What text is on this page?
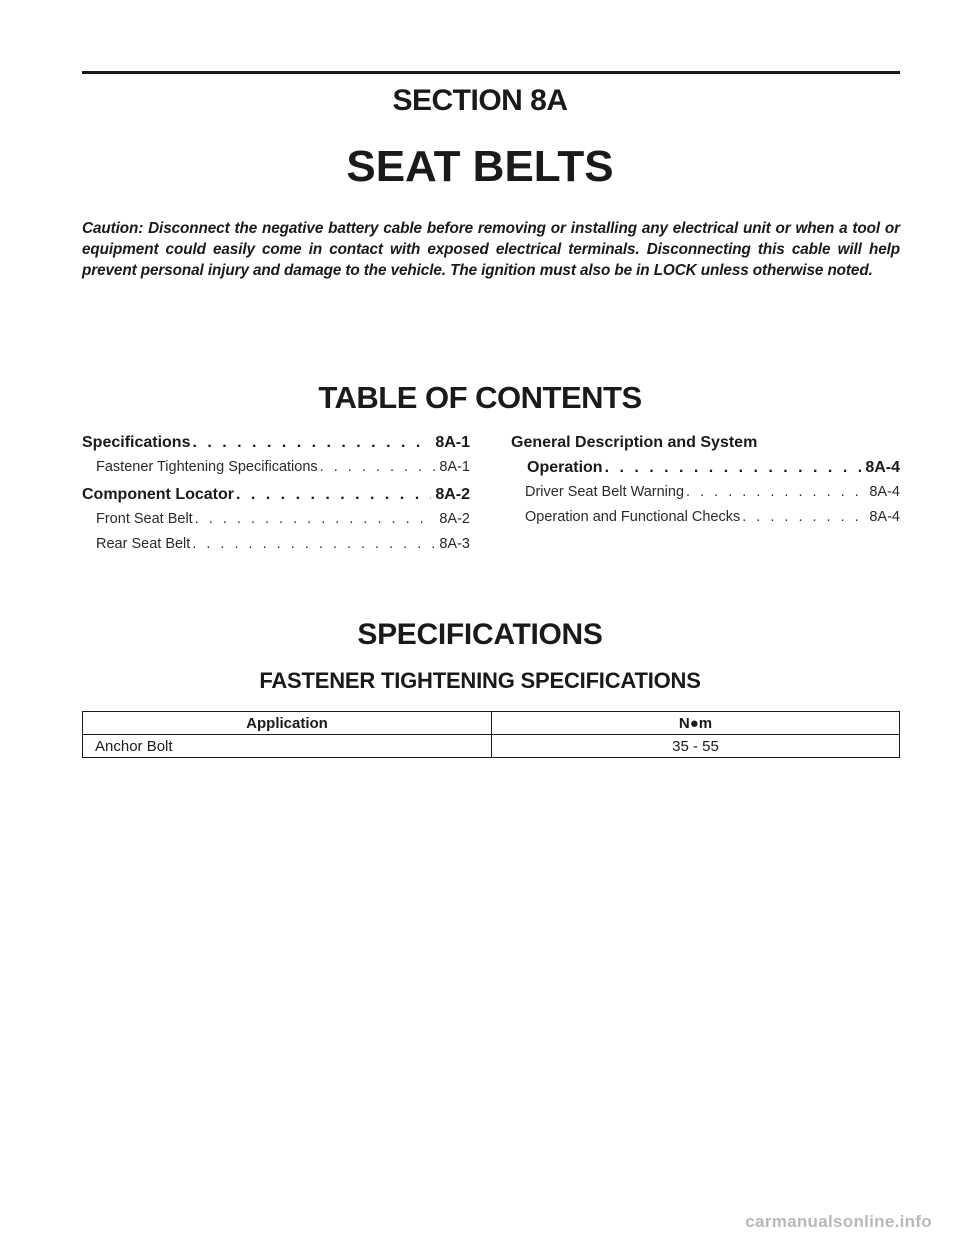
SECTION 8A
SEAT BELTS
Caution: Disconnect the negative battery cable before removing or installing any electrical unit or when a tool or equipment could easily come in contact with exposed electrical terminals. Disconnecting this cable will help prevent personal injury and damage to the vehicle. The ignition must also be in LOCK unless otherwise noted.
TABLE OF CONTENTS
Specifications . . .	8A-1
Fastener Tightening Specifications . . .	8A-1
Component Locator . . .	8A-2
Front Seat Belt . . .	8A-2
Rear Seat Belt . . .	8A-3
General Description and System
Operation . . .	8A-4
Driver Seat Belt Warning . . .	8A-4
Operation and Functional Checks . . .	8A-4
SPECIFICATIONS
FASTENER TIGHTENING SPECIFICATIONS
Application	N●m
Anchor Bolt	35 - 55
carmanualsonline.info
